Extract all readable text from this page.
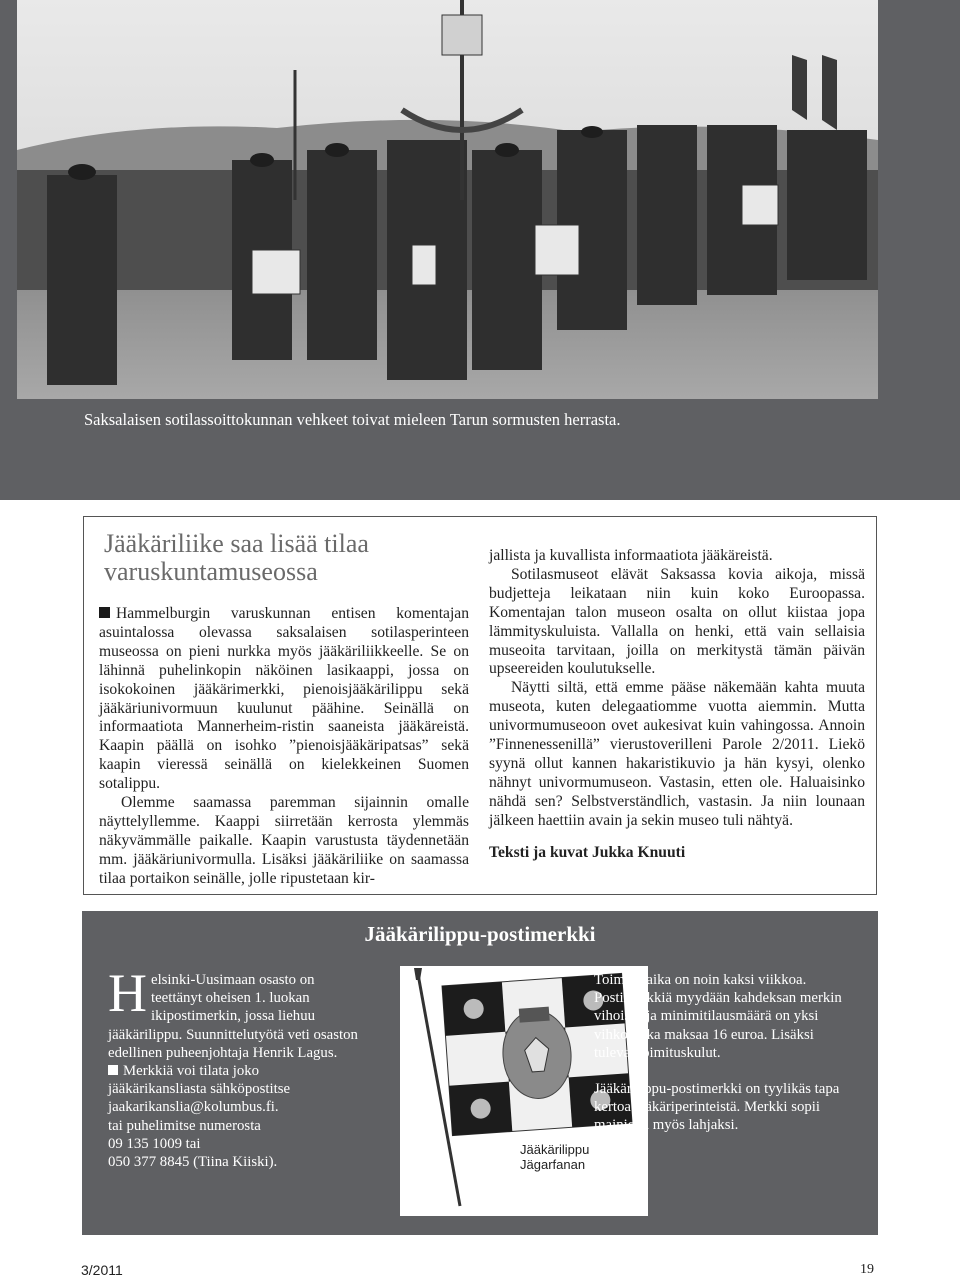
Saksalaisen sotilassoittokunnan vehkeet toivat mieleen Tarun sormusten herrasta.
Jääkäriliike saa lisää tilaa varuskuntamuseossa

Hammelburgin varuskunnan entisen komentajan asuintalossa olevassa saksalaisen sotilasperinteen museossa on pieni nurkka myös jääkäriliikkeelle. Se on lähinnä puhelinkopin näköinen lasikaappi, jossa on isokokoinen jääkärimerkki, pienoisjääkärilippu sekä jääkäriunivormuun kuulunut päähine. Seinällä on informaatiota Mannerheim-ristin saaneista jääkäreistä. Kaapin päällä on isohko ”pienoisjääkäripatsas” sekä kaapin vieressä seinällä on kielekkeinen Suomen sotalippu.

Olemme saamassa paremman sijainnin omalle näyttelyllemme. Kaappi siirretään kerrosta ylemmäs näkyvämmälle paikalle. Kaapin varustusta täydennetään mm. jääkäriunivormulla. Lisäksi jääkäriliike on saamassa tilaa portaikon seinälle, jolle ripustetaan kir-

jallista ja kuvallista informaatiota jääkäreistä.

Sotilasmuseot elävät Saksassa kovia aikoja, missä budjetteja leikataan niin kuin koko Euroopassa. Komentajan talon museon osalta on ollut kiistaa jopa lämmityskuluista. Vallalla on henki, että vain sellaisia museoita tarvitaan, joilla on merkitystä tämän päivän upseereiden koulutukselle.

Näytti siltä, että emme pääse näkemään kahta muuta museota, kuten delegaatiomme vuotta aiemmin. Mutta univormumuseoon ovet aukesivat kuin vahingossa. Annoin ”Finnenessenillä” vierustoverilleni Parole 2/2011. Liekö syynä ollut kannen hakaristikuvio ja hän kysyi, olenko nähnyt univormumuseon. Vastasin, etten ole. Haluaisinko nähdä sen? Selbstverständlich, vastasin. Ja niin lounaan jälkeen haettiin avain ja sekin museo tuli nähtyä.

Teksti ja kuvat Jukka Knuuti

Jääkärilippu-postimerkki

Helsinki-Uusimaan osasto on teettänyt oheisen 1. luokan ikipostimerkin, jossa liehuu jääkärilippu. Suunnittelutyötä veti osaston edellinen puheenjohtaja Henrik Lagus.

Merkkiä voi tilata joko jääkärikansliasta sähköpostitse jaakarikanslia@kolumbus.fi.

tai puhelimitse numerosta

09 135 1009 tai

050 377 8845 (Tiina Kiiski).

Jääkärilippu
Jägarfanan

Toimitusaika on noin kaksi viikkoa. Postimerkkiä myydään kahdeksan merkin vihoissa ja minimitilausmäärä on yksi vihko, joka maksaa 16 euroa. Lisäksi tulevat toimituskulut.

Jääkärilippu-postimerkki on tyylikäs tapa kertoa jääkäriperinteistä. Merkki sopii mainiosti myös lahjaksi.

3/2011	19
